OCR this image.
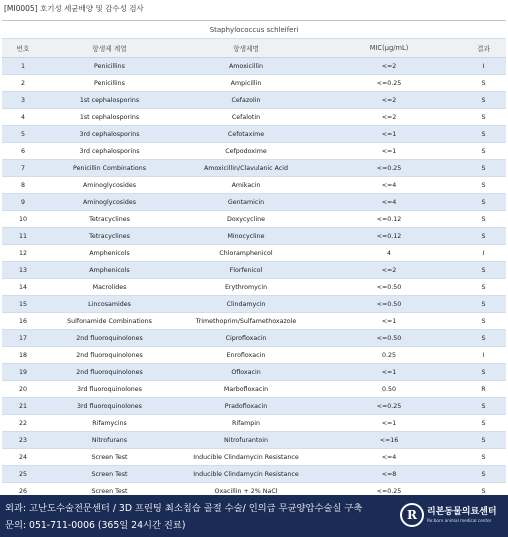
[MI0005] 호기성 세균배양 및 감수성 검사
Staphylococcus schleiferi				
번호	항생제 계열	항생제명	MIC(μg/mL)	결과
1	Penicillins	Amoxicillin	<=2	I
2	Penicillins	Ampicillin	<=0.25	S
3	1st cephalosporins	Cefazolin	<=2	S
4	1st cephalosporins	Cefalotin	<=2	S
5	3rd cephalosporins	Cefotaxime	<=1	S
6	3rd cephalosporins	Cefpodoxime	<=1	S
7	Penicillin Combinations	Amoxicillin/Clavulanic Acid	<=0.25	S
8	Aminoglycosides	Amikacin	<=4	S
9	Aminoglycosides	Gentamicin	<=4	S
10	Tetracyclines	Doxycycline	<=0.12	S
11	Tetracyclines	Minocycline	<=0.12	S
12	Amphenicols	Chloramphenicol	4	I
13	Amphenicols	Florfenicol	<=2	S
14	Macrolides	Erythromycin	<=0.50	S
15	Lincosamides	Clindamycin	<=0.50	S
16	Sulfonamide Combinations	Trimethoprim/Sulfamethoxazole	<=1	S
17	2nd fluoroquinolones	Ciprofloxacin	<=0.50	S
18	2nd fluoroquinolones	Enrofloxacin	0.25	I
19	2nd fluoroquinolones	Ofloxacin	<=1	S
20	3rd fluoroquinolones	Marbofloxacin	0.50	R
21	3rd fluoroquinolones	Pradofloxacin	<=0.25	S
22	Rifamycins	Rifampin	<=1	S
23	Nitrofurans	Nitrofurantoin	<=16	S
24	Screen Test	Inducible Clindamycin Resistance	<=4	S
25	Screen Test	Inducible Clindamycin Resistance	<=8	S
26	Screen Test	Oxacillin + 2% NaCl	<=0.25	S
외과: 고난도수술전문센터 / 3D 프린팅 최소침습 골절 수술/ 인의급 무균양압수술실 구축
문의: 051-711-0006 (365일 24시간 진료)
R	리본동물의료센터
Re:born animal medical center
